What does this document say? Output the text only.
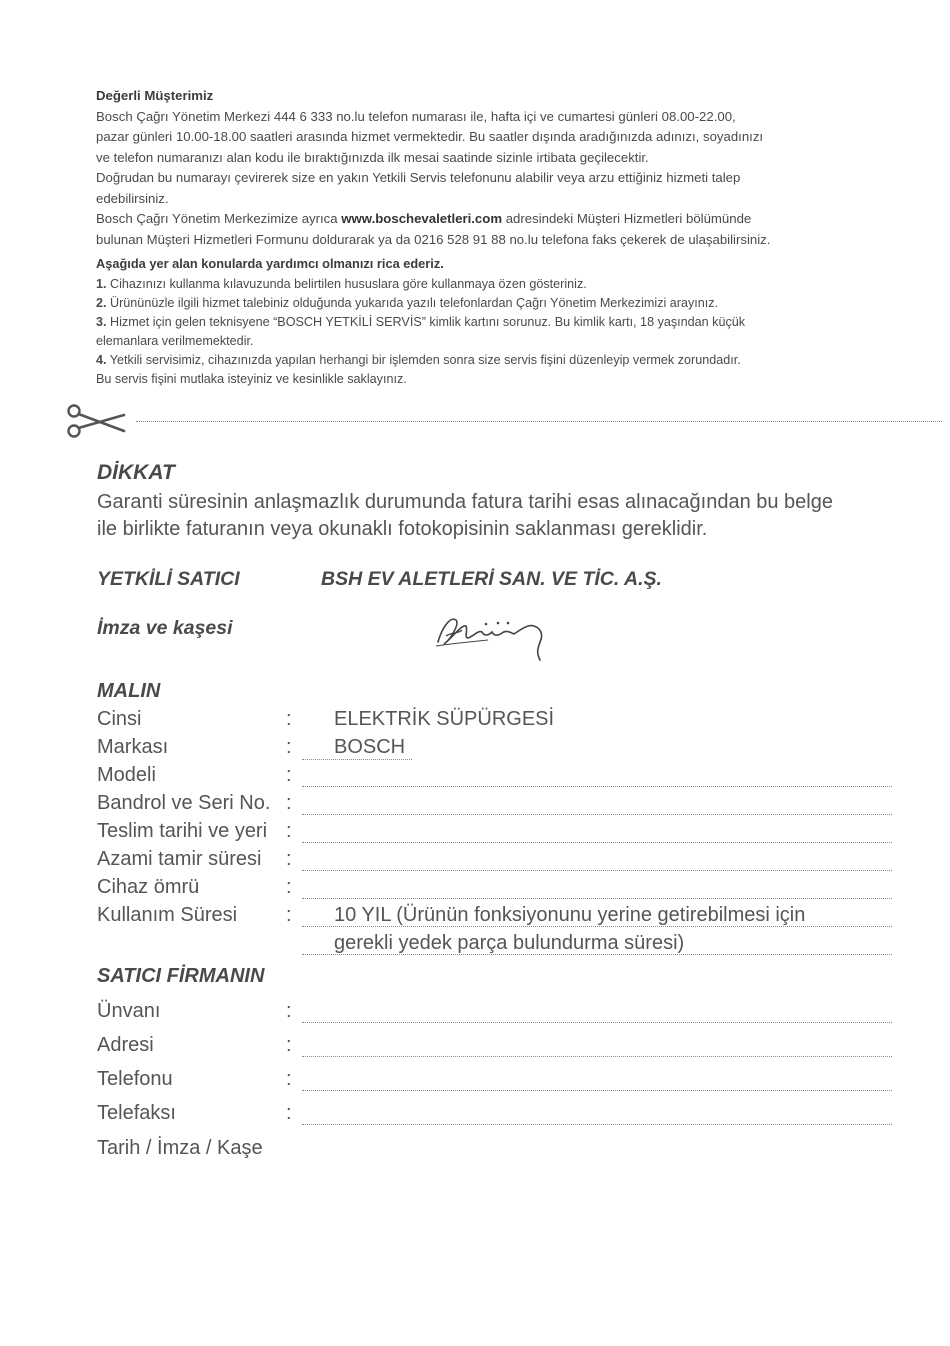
Değerli Müşterimiz

Bosch Çağrı Yönetim Merkezi 444 6 333 no.lu telefon numarası ile, hafta içi ve cumartesi günleri 08.00-22.00,

pazar günleri 10.00-18.00 saatleri arasında hizmet vermektedir. Bu saatler dışında aradığınızda adınızı, soyadınızı

ve telefon numaranızı alan kodu ile bıraktığınızda ilk mesai saatinde sizinle irtibata geçilecektir.

Doğrudan bu numarayı çevirerek size en yakın Yetkili Servis telefonunu alabilir veya arzu ettiğiniz hizmeti talep

edebilirsiniz.

Bosch Çağrı Yönetim Merkezimize ayrıca www.boschevaletleri.com adresindeki Müşteri Hizmetleri bölümünde

bulunan Müşteri Hizmetleri Formunu doldurarak ya da 0216 528 91 88 no.lu telefona faks çekerek de ulaşabilirsiniz.

Aşağıda yer alan konularda yardımcı olmanızı rica ederiz.

1. Cihazınızı kullanma kılavuzunda belirtilen hususlara göre kullanmaya özen gösteriniz.

2. Ürününüzle ilgili hizmet talebiniz olduğunda yukarıda yazılı telefonlardan Çağrı Yönetim Merkezimizi arayınız.

3. Hizmet için gelen teknisyene “BOSCH YETKİLİ SERVİS” kimlik kartını sorunuz. Bu kimlik kartı, 18 yaşından küçük

elemanlara verilmemektedir.

4. Yetkili servisimiz, cihazınızda yapılan herhangi bir işlemden sonra size servis fişini düzenleyip vermek zorundadır.

Bu servis fişini mutlaka isteyiniz ve kesinlikle saklayınız.

DİKKAT
Garanti süresinin anlaşmazlık durumunda fatura tarihi esas alınacağından bu belge
ile birlikte faturanın veya okunaklı fotokopisinin saklanması gereklidir.
YETKİLİ SATICI	BSH EV ALETLERİ SAN. VE TİC. A.Ş.
İmza ve kaşesi
MALIN
Cinsi	: ELEKTRİK SÜPÜRGESİ
Markası	: BOSCH
Modeli	:
Bandrol ve Seri No. :
Teslim tarihi ve yeri :
Azami tamir süresi :
Cihaz ömrü	:
Kullanım Süresi : 10 YIL (Ürünün fonksiyonunu yerine getirebilmesi için
gerekli yedek parça bulundurma süresi)
SATICI FİRMANIN
Ünvanı	:
Adresi	:
Telefonu	:
Telefaksı	:
Tarih / İmza / Kaşe
